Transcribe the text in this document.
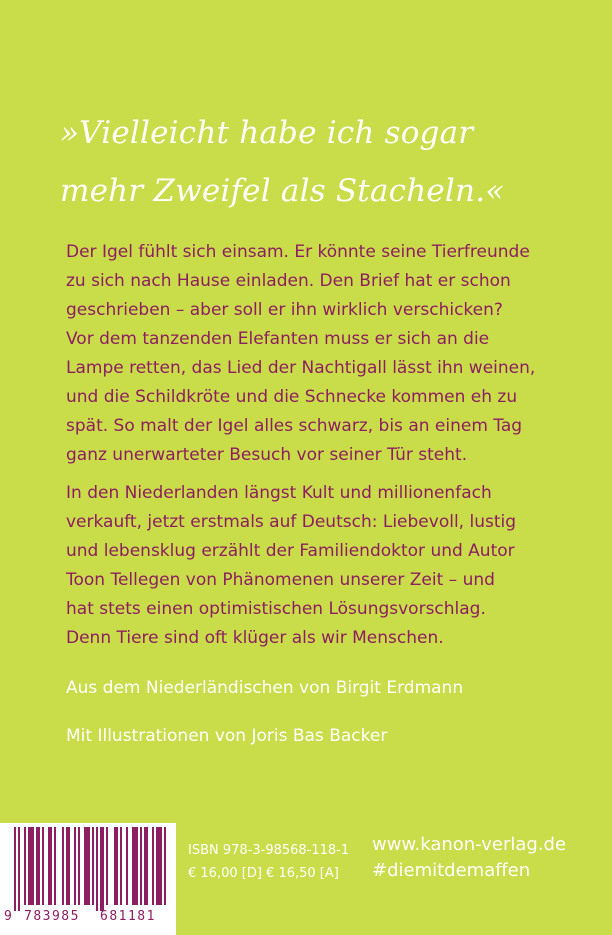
»Vielleicht habe ich sogar
mehr Zweifel als Stacheln.«
Der Igel fühlt sich einsam. Er könnte seine Tierfreunde
zu sich nach Hause einladen. Den Brief hat er schon
geschrieben – aber soll er ihn wirklich verschicken?
Vor dem tanzenden Elefanten muss er sich an die
Lampe retten, das Lied der Nachtigall lässt ihn weinen,
und die Schildkröte und die Schnecke kommen eh zu
spät. So malt der Igel alles schwarz, bis an einem Tag
ganz unerwarteter Besuch vor seiner Tür steht.
In den Niederlanden längst Kult und millionenfach
verkauft, jetzt erstmals auf Deutsch: Liebevoll, lustig
und lebensklug erzählt der Familiendoktor und Autor
Toon Tellegen von Phänomenen unserer Zeit – und
hat stets einen optimistischen Lösungsvorschlag.
Denn Tiere sind oft klüger als wir Menschen.
Aus dem Niederländischen von Birgit Erdmann
Mit Illustrationen von Joris Bas Backer
9 783985 681181
ISBN 978-3-98568-118-1
€ 16,00 [D] € 16,50 [A]
www.kanon-verlag.de
#diemitdemaffen
